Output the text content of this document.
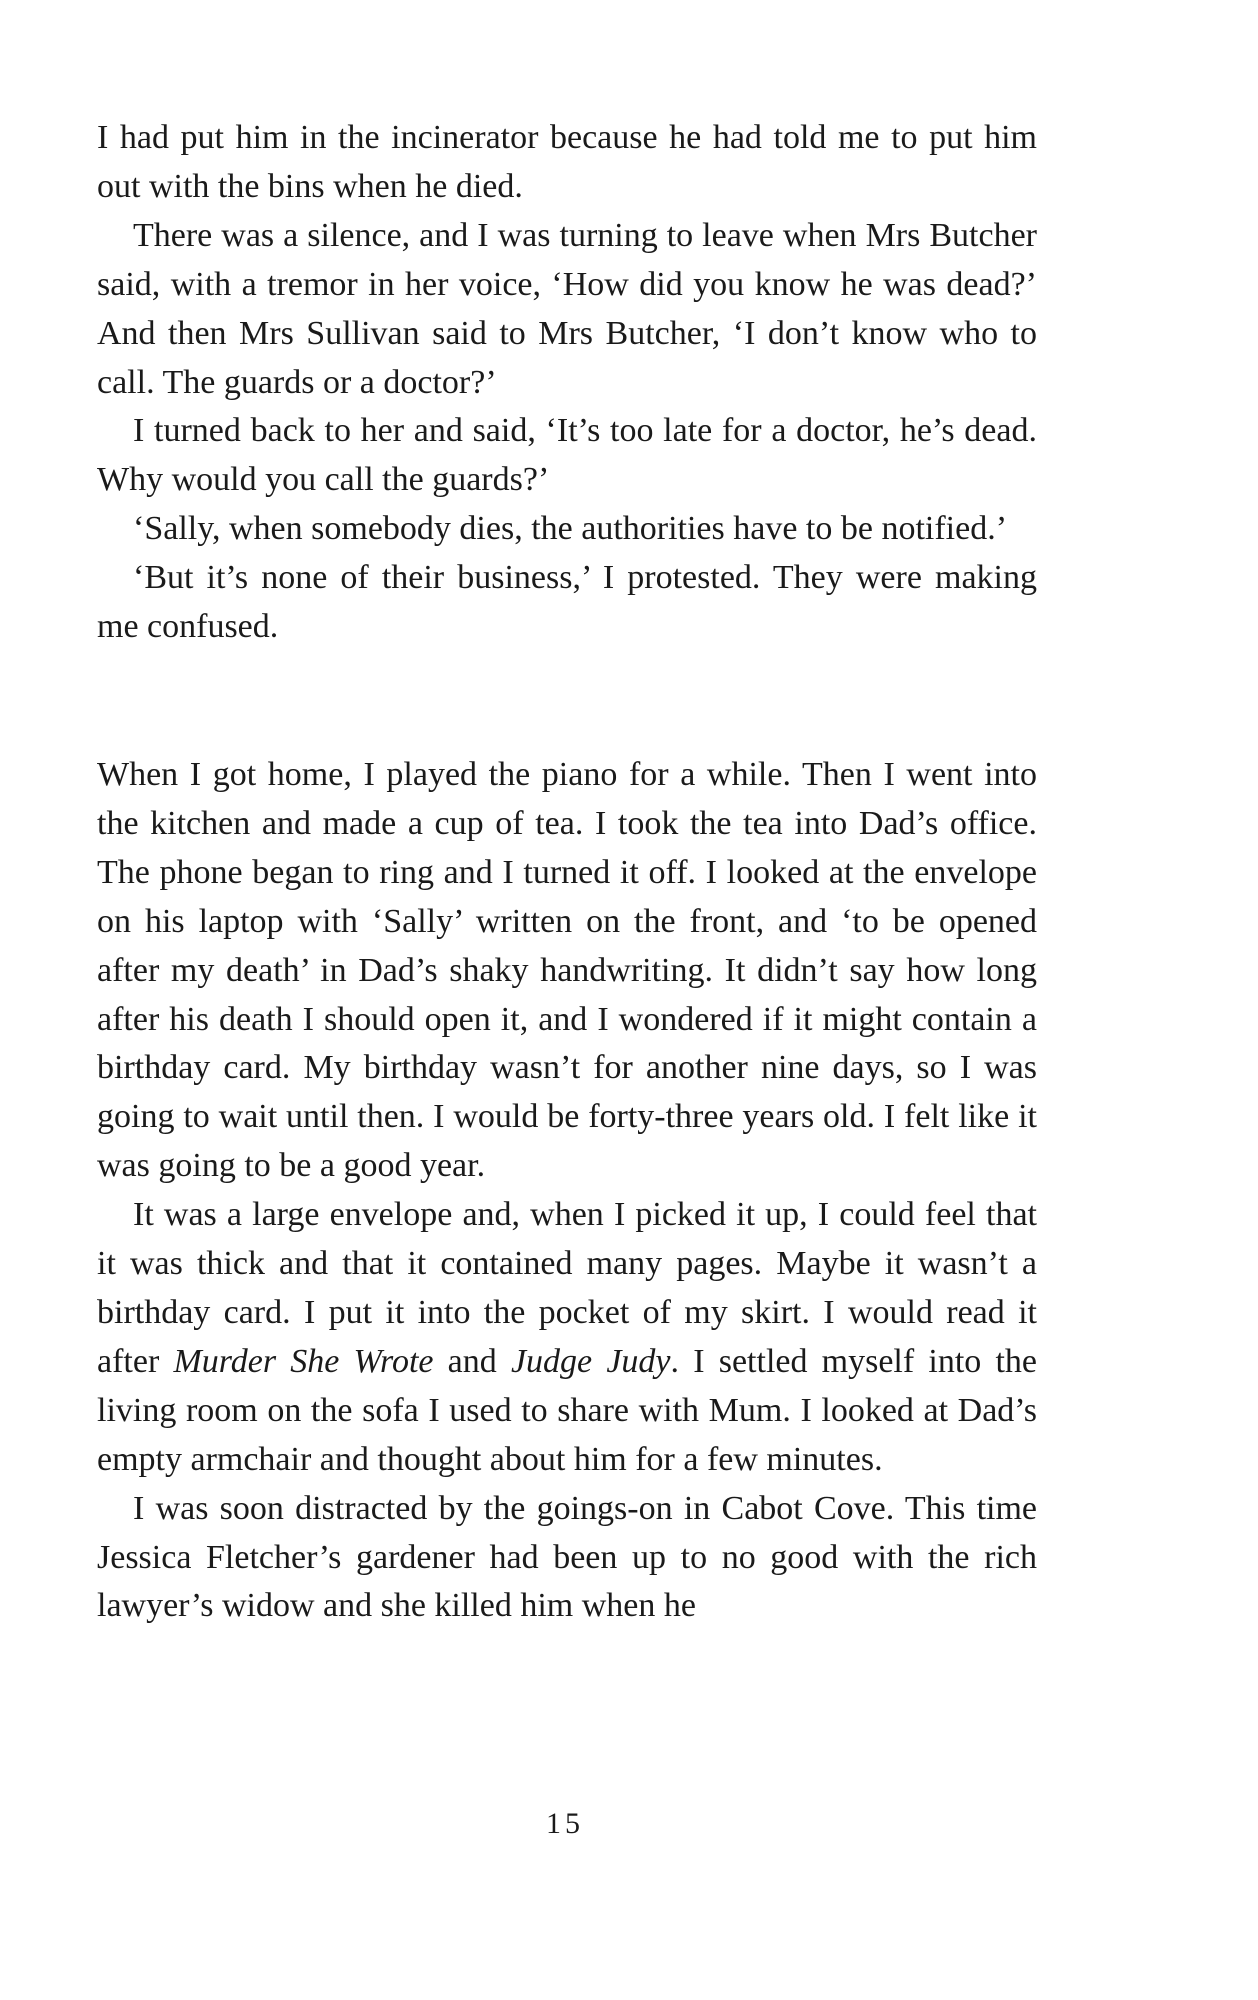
I had put him in the incinerator because he had told me to put him out with the bins when he died.

There was a silence, and I was turning to leave when Mrs Butcher said, with a tremor in her voice, ‘How did you know he was dead?’ And then Mrs Sullivan said to Mrs Butcher, ‘I don’t know who to call. The guards or a doctor?’

I turned back to her and said, ‘It’s too late for a doctor, he’s dead. Why would you call the guards?’

‘Sally, when somebody dies, the authorities have to be notified.’

‘But it’s none of their business,’ I protested. They were making me confused.

When I got home, I played the piano for a while. Then I went into the kitchen and made a cup of tea. I took the tea into Dad’s office. The phone began to ring and I turned it off. I looked at the envelope on his laptop with ‘Sally’ written on the front, and ‘to be opened after my death’ in Dad’s shaky handwriting. It didn’t say how long after his death I should open it, and I wondered if it might contain a birthday card. My birthday wasn’t for another nine days, so I was going to wait until then. I would be forty-three years old. I felt like it was going to be a good year.

It was a large envelope and, when I picked it up, I could feel that it was thick and that it contained many pages. Maybe it wasn’t a birthday card. I put it into the pocket of my skirt. I would read it after Murder She Wrote and Judge Judy. I settled myself into the living room on the sofa I used to share with Mum. I looked at Dad’s empty armchair and thought about him for a few minutes.

I was soon distracted by the goings-on in Cabot Cove. This time Jessica Fletcher’s gardener had been up to no good with the rich lawyer’s widow and she killed him when he

15
